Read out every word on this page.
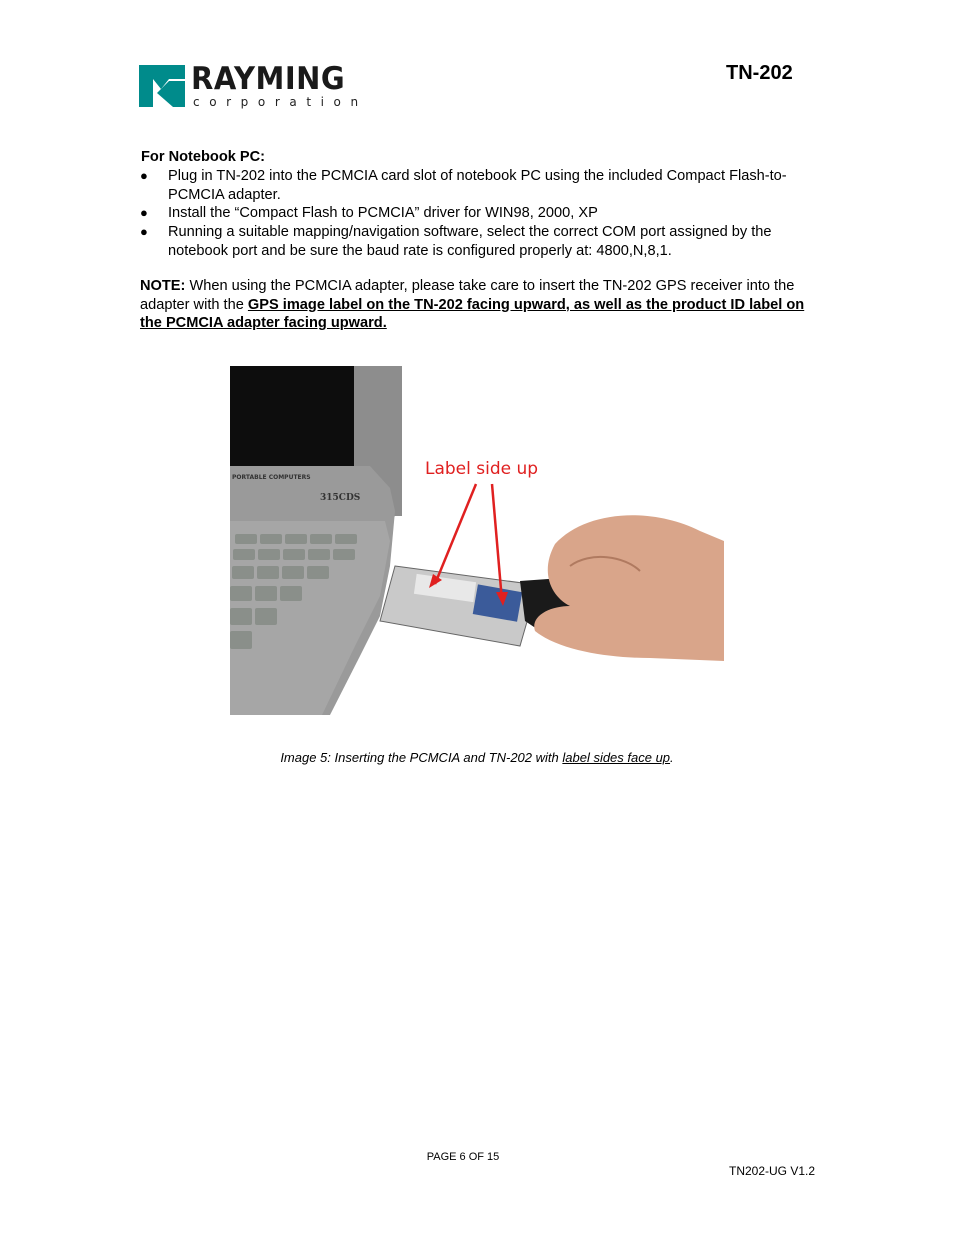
RAYMING
corporation
TN-202
For Notebook PC:
● Plug in TN-202 into the PCMCIA card slot of notebook PC using the included Compact Flash-to-
PCMCIA adapter.
● Install the “Compact Flash to PCMCIA” driver for WIN98, 2000, XP
● Running a suitable mapping/navigation software, select the correct COM port assigned by the
notebook port and be sure the baud rate is configured properly at: 4800,N,8,1.
NOTE: When using the PCMCIA adapter, please take care to insert the TN-202 GPS receiver into the
adapter with the GPS image label on the TN-202 facing upward, as well as the product ID label on
the PCMCIA adapter facing upward.
PORTABLE COMPUTERS
315CDS
Label side up
Image 5: Inserting the PCMCIA and TN-202 with label sides face up.
PAGE 6 OF 15
TN202-UG V1.2
